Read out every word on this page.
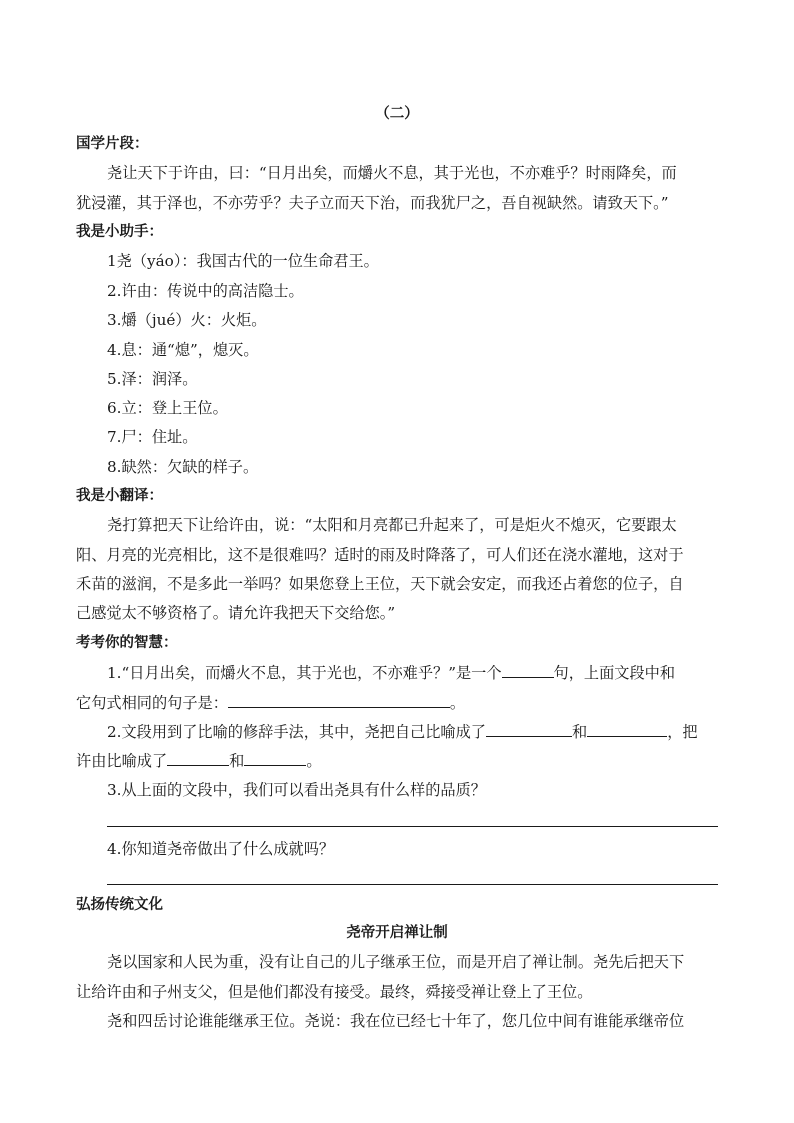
（二）
国学片段：
尧让天下于许由，曰：“日月出矣，而爝火不息，其于光也，不亦难乎？时雨降矣，而
犹浸灌，其于泽也，不亦劳乎？夫子立而天下治，而我犹尸之，吾自视缺然。请致天下。”
我是小助手：
1尧（yáo）：我国古代的一位生命君王。
2.许由：传说中的高洁隐士。
3.爝（jué）火：火炬。
4.息：通“熄”，熄灭。
5.泽：润泽。
6.立：登上王位。
7.尸：住址。
8.缺然：欠缺的样子。
我是小翻译：
尧打算把天下让给许由，说：“太阳和月亮都已升起来了，可是炬火不熄灭，它要跟太
阳、月亮的光亮相比，这不是很难吗？适时的雨及时降落了，可人们还在浇水灌地，这对于
禾苗的滋润，不是多此一举吗？如果您登上王位，天下就会安定，而我还占着您的位子，自
己感觉太不够资格了。请允许我把天下交给您。”
考考你的智慧：
1.“日月出矣，而爝火不息，其于光也，不亦难乎？”是一个	句，上面文段中和
它句式相同的句子是：	。
2.文段用到了比喻的修辞手法，其中，尧把自己比喻成了	和	，把
许由比喻成了	和	。
3.从上面的文段中，我们可以看出尧具有什么样的品质？
4.你知道尧帝做出了什么成就吗？
弘扬传统文化
尧帝开启禅让制
尧以国家和人民为重，没有让自己的儿子继承王位，而是开启了禅让制。尧先后把天下
让给许由和子州支父，但是他们都没有接受。最终，舜接受禅让登上了王位。
尧和四岳讨论谁能继承王位。尧说：我在位已经七十年了，您几位中间有谁能承继帝位
